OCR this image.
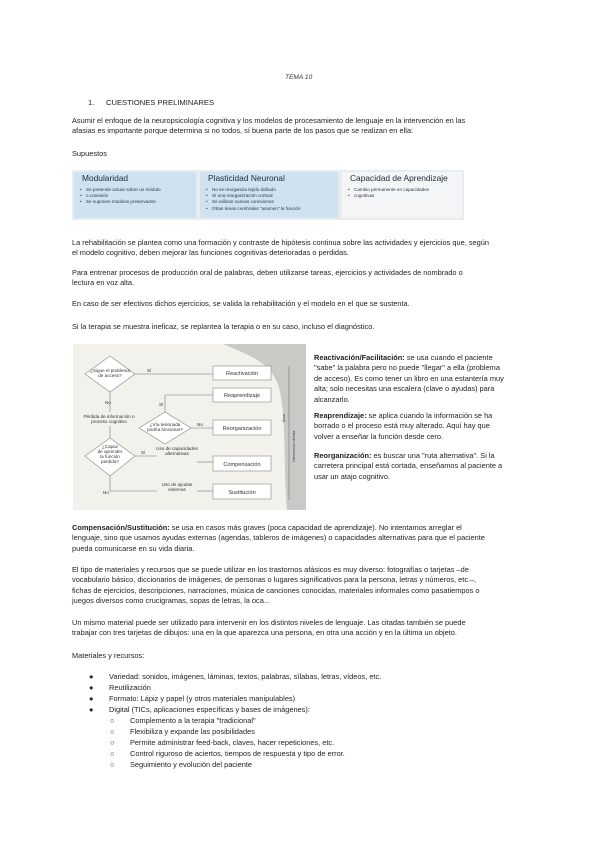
TEMA 10
1. CUESTIONES PRELIMINARES
Asumir el enfoque de la neuropsicología cognitiva y los modelos de procesamiento de lenguaje en la intervención en las
afasias es importante porque determina si no todos, sí buena parte de los pasos que se realizan en ella:
Supuestos
Modularidad
• Se pretende actuar sobre un módulo
• o conexión
• Se suponen módulos preservados
Plasticidad Neuronal
• No se reorganiza tejido dañado
• Sí una reorganización cortical
• Se utilizan nuevas conexiones
• Otras áreas cerebrales "asumen" la función
Capacidad de Aprendizaje
• Cambio permanente en capacidades
• cognitivas
La rehabilitación se plantea como una formación y contraste de hipótesis continua sobre las actividades y ejercicios que, según
el modelo cognitivo, deben mejorar las funciones cognitivas deterioradas o perdidas.
Para entrenar procesos de producción oral de palabras, deben utilizarse tareas, ejercicios y actividades de nombrado o
lectura en voz alta.
En caso de ser efectivos dichos ejercicios, se valida la rehabilitación y el modelo en el que se sustenta.
Si la terapia se muestra ineficaz, se replantea la terapia o en su caso, incluso el diagnóstico.
¿Sigue el problema
de acceso?
Sí
Reactivación
Reaprendizaje
No
Pérdida de información o
proceso cognitivo
¿Vía lesionada
podría funcionar?
Sí
No
Reorganización
¿Capaz
de aprender
la función
perdida?
Sí
Uso de capacidades
alternativas
Compensación
No
Uso de ayudas
externas
Sustitución
Área
Intervención directa
Reactivación/Facilitación: se usa cuando el paciente
"sabe" la palabra pero no puede "llegar" a ella (problema
de acceso). Es como tener un libro en una estantería muy
alta; solo necesitas una escalera (clave o ayudas) para
alcanzarlo.
Reaprendizaje: se aplica cuando la información se ha
borrado o el proceso está muy alterado. Aquí hay que
volver a enseñar la función desde cero.
Reorganización: es buscar una "ruta alternativa". Si la
carretera principal está cortada, enseñamos al paciente a
usar un atajo cognitivo.
Compensación/Sustitución: se usa en casos más graves (poca capacidad de aprendizaje). No intentamos arreglar el
lenguaje, sino que usamos ayudas externas (agendas, tableros de imágenes) o capacidades alternativas para que el paciente
pueda comunicarse en su vida diaria.
El tipo de materiales y recursos que se puede utilizar en los trastornos afásicos es muy diverso: fotografías o tarjetas –de
vocabulario básico, diccionarios de imágenes, de personas o lugares significativos para la persona, letras y números, etc.–,
fichas de ejercicios, descripciones, narraciones, música de canciones conocidas, materiales informales como pasatiempos o
juegos diversos como crucigramas, sopas de letras, la oca...
Un mismo material puede ser utilizado para intervenir en los distintos niveles de lenguaje. Las citadas también se puede
trabajar con tres tarjetas de dibujos: una en la que aparezca una persona, en otra una acción y en la última un objeto.
Materiales y recursos:
● Variedad: sonidos, imágenes, láminas, textos, palabras, sílabas, letras, vídeos, etc.
● Reutilización
● Formato: Lápiz y papel (y otros materiales manipulables)
● Digital (TICs, aplicaciones específicas y bases de imágenes):
○ Complemento a la terapia "tradicional"
○ Flexibiliza y expande las posibilidades
○ Permite administrar feed-back, claves, hacer repeticiones, etc.
○ Control riguroso de aciertos, tiempos de respuesta y tipo de error.
○ Seguimiento y evolución del paciente
